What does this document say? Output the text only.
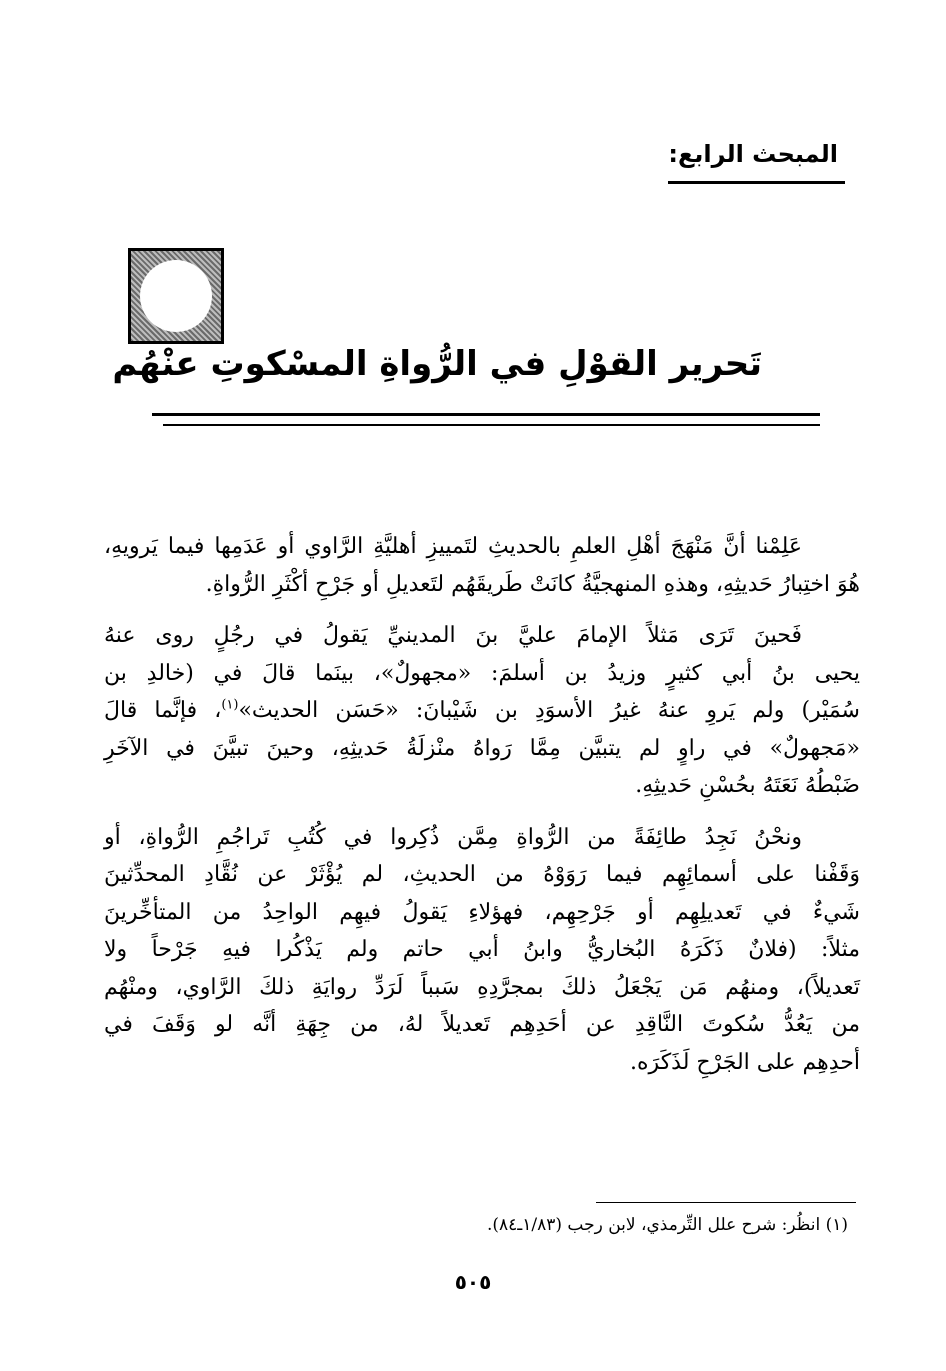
المبحث الرابع:
تَحرير القوْلِ في الرُّواةِ المسْكوتِ عنْهُم
عَلِمْنا أنَّ مَنْهَجَ أهْلِ العلمِ بالحديثِ لتَمييزِ أهليَّةِ الرَّاوي أو عَدَمِها فيما يَرويهِ،
هُوَ اختِبارُ حَديثِهِ، وهذهِ المنهجيَّةُ كانَتْ طَريقَهُم لتَعديلِ أو جَرْحِ أكْثَرِ الرُّواةِ.
فَحينَ تَرَى مَثلاً الإمامَ عليَّ بنَ المدينيِّ يَقولُ في رجُلٍ روى عنهُ
يحيى بنُ أبي كثيرٍ وزيدُ بن أسلمَ: «مجهولٌ»، بينَما قالَ في (خالدِ بن
سُمَيْر) ولم يَروِ عنهُ غيرُ الأسوَدِ بن شَيْبانَ: «حَسَن الحديث»$^{(١)}$، فإنَّما قالَ
«مَجهولٌ» في راوٍ لم يتبيَّن مِمَّا رَواهُ منْزلَةُ حَديثِهِ، وحينَ تبيَّنَ في الآخَرِ
ضَبْطُهُ نَعَتَهُ بحُسْنِ حَديثِهِ.
ونحْنُ نَجِدُ طائِفَةً من الرُّواةِ مِمَّن ذُكِروا في كُتُبِ تَراجُمِ الرُّواةِ، أو
وَقَفْنا على أسمائِهِم فيما رَوَوْهُ من الحديثِ، لم يُؤْثَرْ عن نُقَّادِ المحدِّثينَ
شَيءٌ في تَعديلِهِم أو جَرْحِهِم، فهؤلاءِ يَقولُ فيهِم الواحِدُ من المتأخِّرينَ
مثلاً: (فلانٌ ذَكَرَهُ البُخاريُّ وابنُ أبي حاتم ولم يَذْكُرا فيهِ جَرْحاً ولا
تَعديلاً)، ومنهُم مَن يَجْعَلُ ذلكَ بمجرَّدِهِ سَبباً لَرَدِّ روايَةِ ذلكَ الرَّاوي، ومنْهُم
من يَعُدُّ سُكوتَ النَّاقِدِ عن أحَدِهِم تَعديلاً لهُ، من جِهَةِ أنَّه لو وَقَفَ في
أحدِهِم على الجَرْحِ لَذَكَرَه.
(١) انظُر: شرح علل التِّرمذي، لابن رجب (١/٨٣ـ٨٤).
٥٠٥
